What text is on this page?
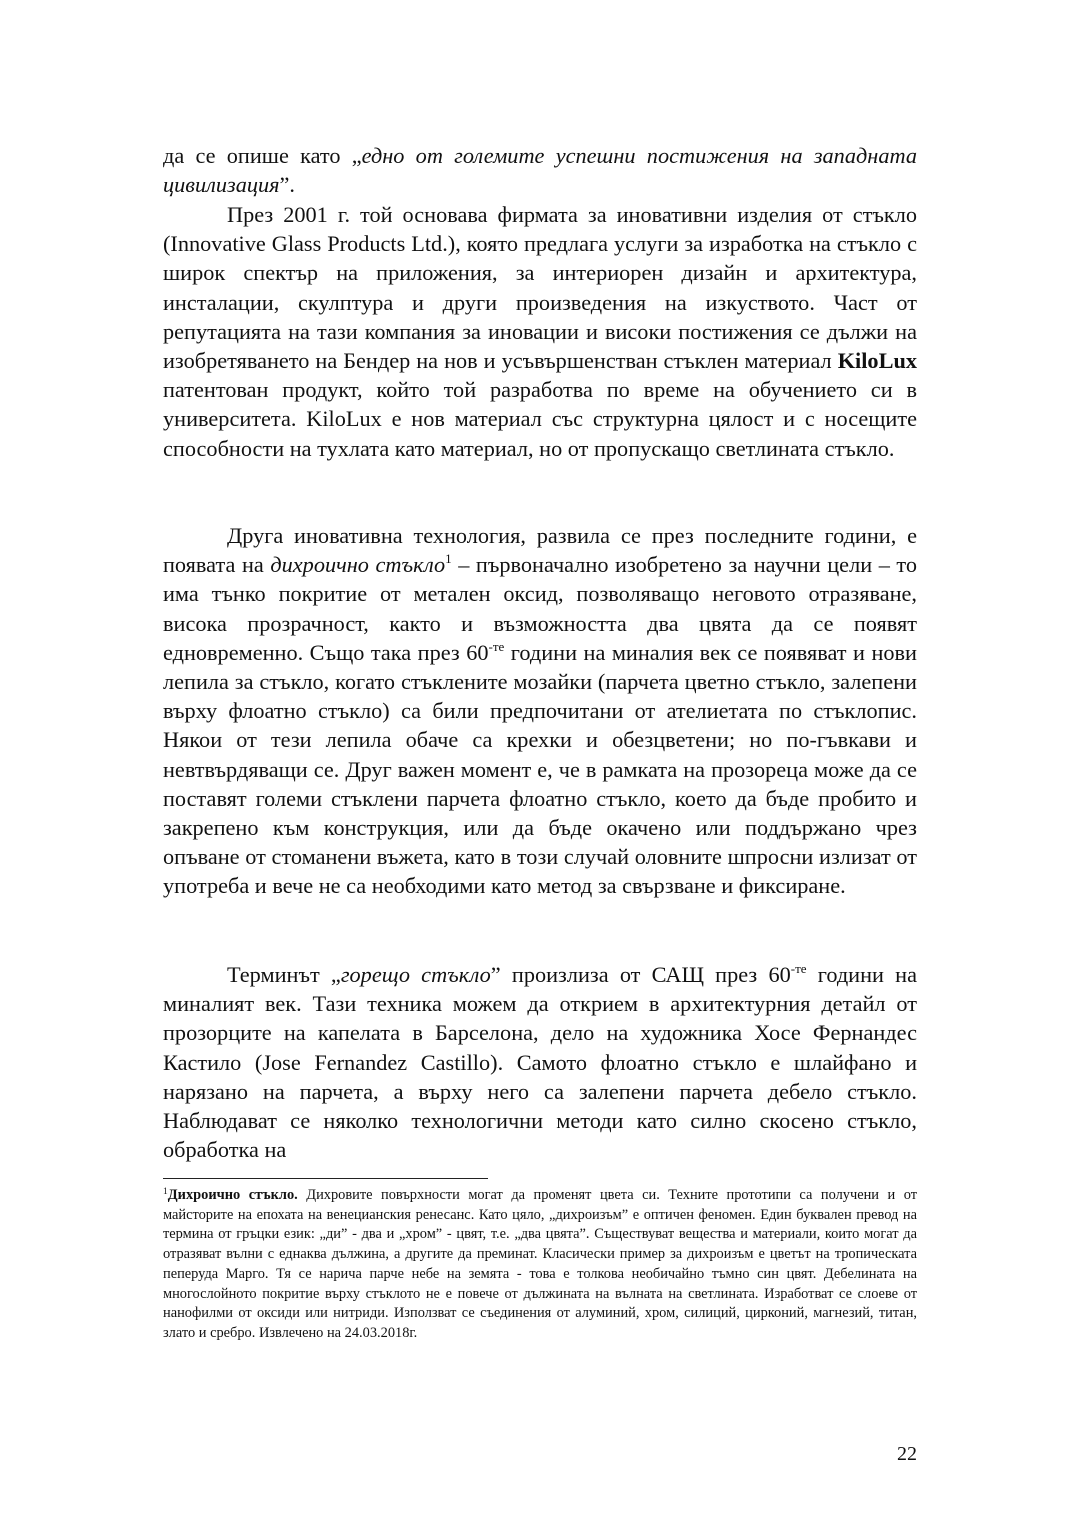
да се опише като „едно от големите успешни постижения на западната цивилизация”.

През 2001 г. той основава фирмата за иновативни изделия от стъкло (Innovative Glass Products Ltd.), която предлага услуги за изработка на стъкло с широк спектър на приложения, за интериорен дизайн и архитектура, инсталации, скулптура и други произведения на изкуството. Част от репутацията на тази компания за иновации и високи постижения се дължи на изобретяването на Бендер на нов и усъвършенстван стъклен материал KiloLux патентован продукт, който той разработва по време на обучението си в университета. KiloLux е нов материал със структурна цялост и с носещите способности на тухлата като материал, но от пропускащо светлината стъкло.

Друга иновативна технология, развила се през последните години, е появата на дихроично стъкло$^1$ – първоначално изобретено за научни цели – то има тънко покритие от метален оксид, позволяващо неговото отразяване, висока прозрачност, както и възможността два цвята да се появят едновременно. Също така през $60^{-те}$ години на миналия век се появяват и нови лепила за стъкло, когато стъклените мозайки (парчета цветно стъкло, залепени върху флоатно стъкло) са били предпочитани от ателиетата по стъклопис. Някои от тези лепила обаче са крехки и обезцветени; но по-гъвкави и невтвърдяващи се. Друг важен момент е, че в рамката на прозореца може да се поставят големи стъклени парчета флоатно стъкло, което да бъде пробито и закрепено към конструкция, или да бъде окачено или поддържано чрез опъване от стоманени въжета, като в този случай оловните шпросни излизат от употреба и вече не са необходими като метод за свързване и фиксиране.

Терминът „горещо стъкло” произлиза от САЩ през $60^{-те}$ години на миналият век. Тази техника можем да открием в архитектурния детайл от прозорците на капелата в Барселона, дело на художника Хосе Фернандес Кастило (Jose Fernandez Castillo). Самото флоатно стъкло е шлайфано и нарязано на парчета, а върху него са залепени парчета дебело стъкло. Наблюдават се няколко технологични методи като силно скосено стъкло, обработка на

$^1$Дихроично стъкло. Дихровите повърхности могат да променят цвета си. Техните прототипи са получени и от майсторите на епохата на венецианския ренесанс. Като цяло, „дихроизъм” е оптичен феномен. Един буквален превод на термина от гръцки език: „ди” - два и „хром” - цвят, т.е. „два цвята”. Съществуват вещества и материали, които могат да отразяват вълни с еднаква дължина, а другите да преминат. Класически пример за дихроизъм е цветът на тропическата пеперуда Марго. Тя се нарича парче небе на земята - това е толкова необичайно тъмно син цвят. Дебелината на многослойното покритие върху стъклото не е повече от дължината на вълната на светлината. Изработват се слоеве от нанофилми от оксиди или нитриди. Използват се съединения от алуминий, хром, силиций, цирконий, магнезий, титан, злато и сребро. Извлечено на 24.03.2018г.

22
